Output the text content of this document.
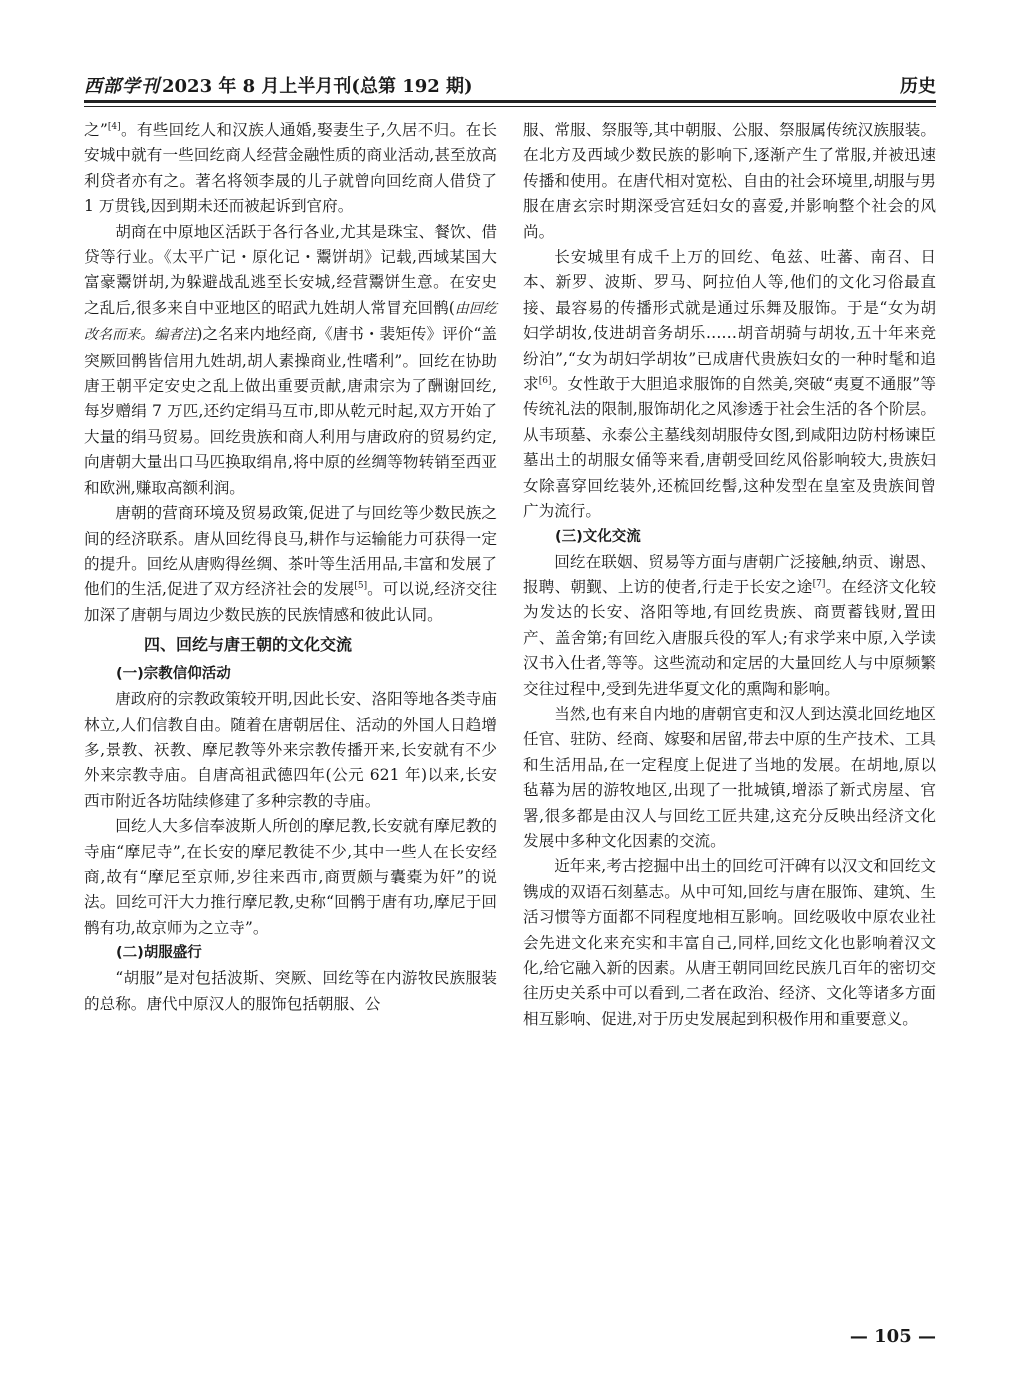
西部学刊 2023 年 8 月上半月刊(总第 192 期)	历史

之”[4]。有些回纥人和汉族人通婚,娶妻生子,久居不归。在长安城中就有一些回纥商人经营金融性质的商业活动,甚至放高利贷者亦有之。著名将领李晟的儿子就曾向回纥商人借贷了 1 万贯钱,因到期未还而被起诉到官府。

胡商在中原地区活跃于各行各业,尤其是珠宝、餐饮、借贷等行业。《太平广记・原化记・鬻饼胡》记载,西域某国大富豪鬻饼胡,为躲避战乱逃至长安城,经营鬻饼生意。在安史之乱后,很多来自中亚地区的昭武九姓胡人常冒充回鹘(由回纥改名而来。编者注)之名来内地经商,《唐书・裴矩传》评价“盖突厥回鹘皆信用九姓胡,胡人素操商业,性嗜利”。回纥在协助唐王朝平定安史之乱上做出重要贡献,唐肃宗为了酬谢回纥,每岁赠绢 7 万匹,还约定绢马互市,即从乾元时起,双方开始了大量的绢马贸易。回纥贵族和商人利用与唐政府的贸易约定,向唐朝大量出口马匹换取绢帛,将中原的丝绸等物转销至西亚和欧洲,赚取高额利润。

唐朝的营商环境及贸易政策,促进了与回纥等少数民族之间的经济联系。唐从回纥得良马,耕作与运输能力可获得一定的提升。回纥从唐购得丝绸、茶叶等生活用品,丰富和发展了他们的生活,促进了双方经济社会的发展[5]。可以说,经济交往加深了唐朝与周边少数民族的民族情感和彼此认同。

四、回纥与唐王朝的文化交流
(一)宗教信仰活动

唐政府的宗教政策较开明,因此长安、洛阳等地各类寺庙林立,人们信教自由。随着在唐朝居住、活动的外国人日趋增多,景教、祆教、摩尼教等外来宗教传播开来,长安就有不少外来宗教寺庙。自唐高祖武德四年(公元 621 年)以来,长安西市附近各坊陆续修建了多种宗教的寺庙。

回纥人大多信奉波斯人所创的摩尼教,长安就有摩尼教的寺庙“摩尼寺”,在长安的摩尼教徒不少,其中一些人在长安经商,故有“摩尼至京师,岁往来西市,商贾颇与囊橐为奸”的说法。回纥可汗大力推行摩尼教,史称“回鹘于唐有功,摩尼于回鹘有功,故京师为之立寺”。

(二)胡服盛行

“胡服”是对包括波斯、突厥、回纥等在内游牧民族服装的总称。唐代中原汉人的服饰包括朝服、公

服、常服、祭服等,其中朝服、公服、祭服属传统汉族服装。在北方及西域少数民族的影响下,逐渐产生了常服,并被迅速传播和使用。在唐代相对宽松、自由的社会环境里,胡服与男服在唐玄宗时期深受宫廷妇女的喜爱,并影响整个社会的风尚。

长安城里有成千上万的回纥、龟兹、吐蕃、南召、日本、新罗、波斯、罗马、阿拉伯人等,他们的文化习俗最直接、最容易的传播形式就是通过乐舞及服饰。于是“女为胡妇学胡妆,伎进胡音务胡乐……胡音胡骑与胡妆,五十年来竞纷泊”,“女为胡妇学胡妆”已成唐代贵族妇女的一种时髦和追求[6]。女性敢于大胆追求服饰的自然美,突破“夷夏不通服”等传统礼法的限制,服饰胡化之风渗透于社会生活的各个阶层。从韦顼墓、永泰公主墓线刻胡服侍女图,到咸阳边防村杨谏臣墓出土的胡服女俑等来看,唐朝受回纥风俗影响较大,贵族妇女除喜穿回纥装外,还梳回纥髻,这种发型在皇室及贵族间曾广为流行。

(三)文化交流

回纥在联姻、贸易等方面与唐朝广泛接触,纳贡、谢恩、报聘、朝觐、上访的使者,行走于长安之途[7]。在经济文化较为发达的长安、洛阳等地,有回纥贵族、商贾蓄钱财,置田产、盖舍第;有回纥入唐服兵役的军人;有求学来中原,入学读汉书入仕者,等等。这些流动和定居的大量回纥人与中原频繁交往过程中,受到先进华夏文化的熏陶和影响。

当然,也有来自内地的唐朝官吏和汉人到达漠北回纥地区任官、驻防、经商、嫁娶和居留,带去中原的生产技术、工具和生活用品,在一定程度上促进了当地的发展。在胡地,原以毡幕为居的游牧地区,出现了一批城镇,增添了新式房屋、官署,很多都是由汉人与回纥工匠共建,这充分反映出经济文化发展中多种文化因素的交流。

近年来,考古挖掘中出土的回纥可汗碑有以汉文和回纥文镌成的双语石刻墓志。从中可知,回纥与唐在服饰、建筑、生活习惯等方面都不同程度地相互影响。回纥吸收中原农业社会先进文化来充实和丰富自己,同样,回纥文化也影响着汉文化,给它融入新的因素。从唐王朝同回纥民族几百年的密切交往历史关系中可以看到,二者在政治、经济、文化等诸多方面相互影响、促进,对于历史发展起到积极作用和重要意义。

— 105 —
